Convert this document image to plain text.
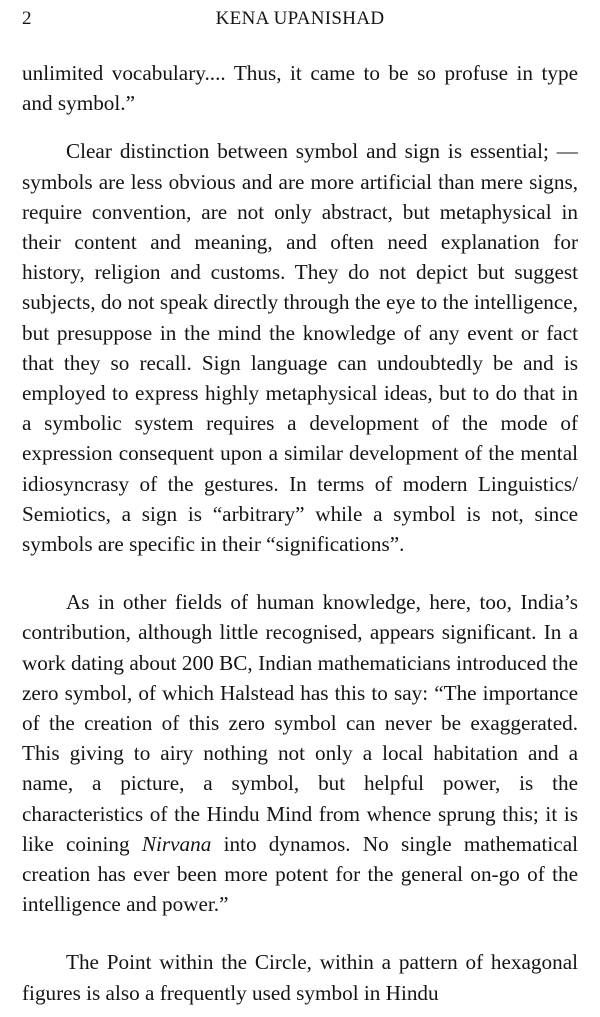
2	KENA UPANISHAD

unlimited vocabulary.... Thus, it came to be so profuse in type and symbol.”

Clear distinction between symbol and sign is essential; — symbols are less obvious and are more artificial than mere signs, require convention, are not only abstract, but metaphysical in their content and meaning, and often need explanation for history, religion and customs. They do not depict but suggest subjects, do not speak directly through the eye to the intelligence, but presuppose in the mind the knowledge of any event or fact that they so recall. Sign language can undoubtedly be and is employed to express highly metaphysical ideas, but to do that in a symbolic system requires a development of the mode of expression consequent upon a similar development of the mental idiosyncrasy of the gestures. In terms of modern Linguistics/ Semiotics, a sign is “arbitrary” while a symbol is not, since symbols are specific in their “significations”.

As in other fields of human knowledge, here, too, India’s contribution, although little recognised, appears significant. In a work dating about 200 BC, Indian mathematicians introduced the zero symbol, of which Halstead has this to say: “The importance of the creation of this zero symbol can never be exaggerated. This giving to airy nothing not only a local habitation and a name, a picture, a symbol, but helpful power, is the characteristics of the Hindu Mind from whence sprung this; it is like coining Nirvana into dynamos. No single mathematical creation has ever been more potent for the general on-go of the intelligence and power.”

The Point within the Circle, within a pattern of hexagonal figures is also a frequently used symbol in Hindu
